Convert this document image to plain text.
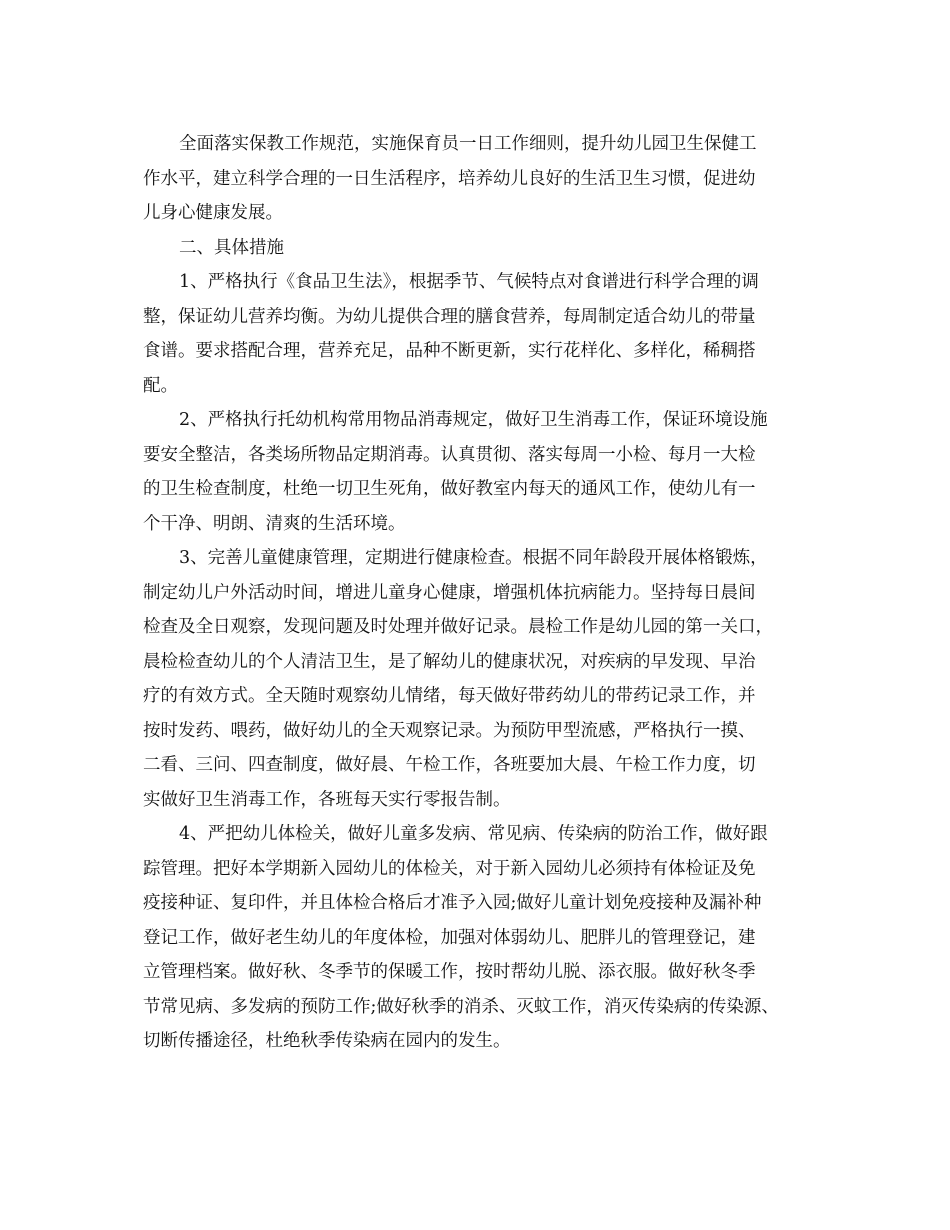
全面落实保教工作规范，实施保育员一日工作细则，提升幼儿园卫生保健工
作水平，建立科学合理的一日生活程序，培养幼儿良好的生活卫生习惯，促进幼
儿身心健康发展。
二、具体措施
1、严格执行《食品卫生法》，根据季节、气候特点对食谱进行科学合理的调
整，保证幼儿营养均衡。为幼儿提供合理的膳食营养，每周制定适合幼儿的带量
食谱。要求搭配合理，营养充足，品种不断更新，实行花样化、多样化，稀稠搭
配。
2、严格执行托幼机构常用物品消毒规定，做好卫生消毒工作，保证环境设施
要安全整洁，各类场所物品定期消毒。认真贯彻、落实每周一小检、每月一大检
的卫生检查制度，杜绝一切卫生死角，做好教室内每天的通风工作，使幼儿有一
个干净、明朗、清爽的生活环境。
3、完善儿童健康管理，定期进行健康检查。根据不同年龄段开展体格锻炼，
制定幼儿户外活动时间，增进儿童身心健康，增强机体抗病能力。坚持每日晨间
检查及全日观察，发现问题及时处理并做好记录。晨检工作是幼儿园的第一关口，
晨检检查幼儿的个人清洁卫生，是了解幼儿的健康状况，对疾病的早发现、早治
疗的有效方式。全天随时观察幼儿情绪，每天做好带药幼儿的带药记录工作，并
按时发药、喂药，做好幼儿的全天观察记录。为预防甲型流感，严格执行一摸、
二看、三问、四查制度，做好晨、午检工作，各班要加大晨、午检工作力度，切
实做好卫生消毒工作，各班每天实行零报告制。
4、严把幼儿体检关，做好儿童多发病、常见病、传染病的防治工作，做好跟
踪管理。把好本学期新入园幼儿的体检关，对于新入园幼儿必须持有体检证及免
疫接种证、复印件，并且体检合格后才准予入园;做好儿童计划免疫接种及漏补种
登记工作，做好老生幼儿的年度体检，加强对体弱幼儿、肥胖儿的管理登记，建
立管理档案。做好秋、冬季节的保暖工作，按时帮幼儿脱、添衣服。做好秋冬季
节常见病、多发病的预防工作;做好秋季的消杀、灭蚊工作，消灭传染病的传染源、
切断传播途径，杜绝秋季传染病在园内的发生。
